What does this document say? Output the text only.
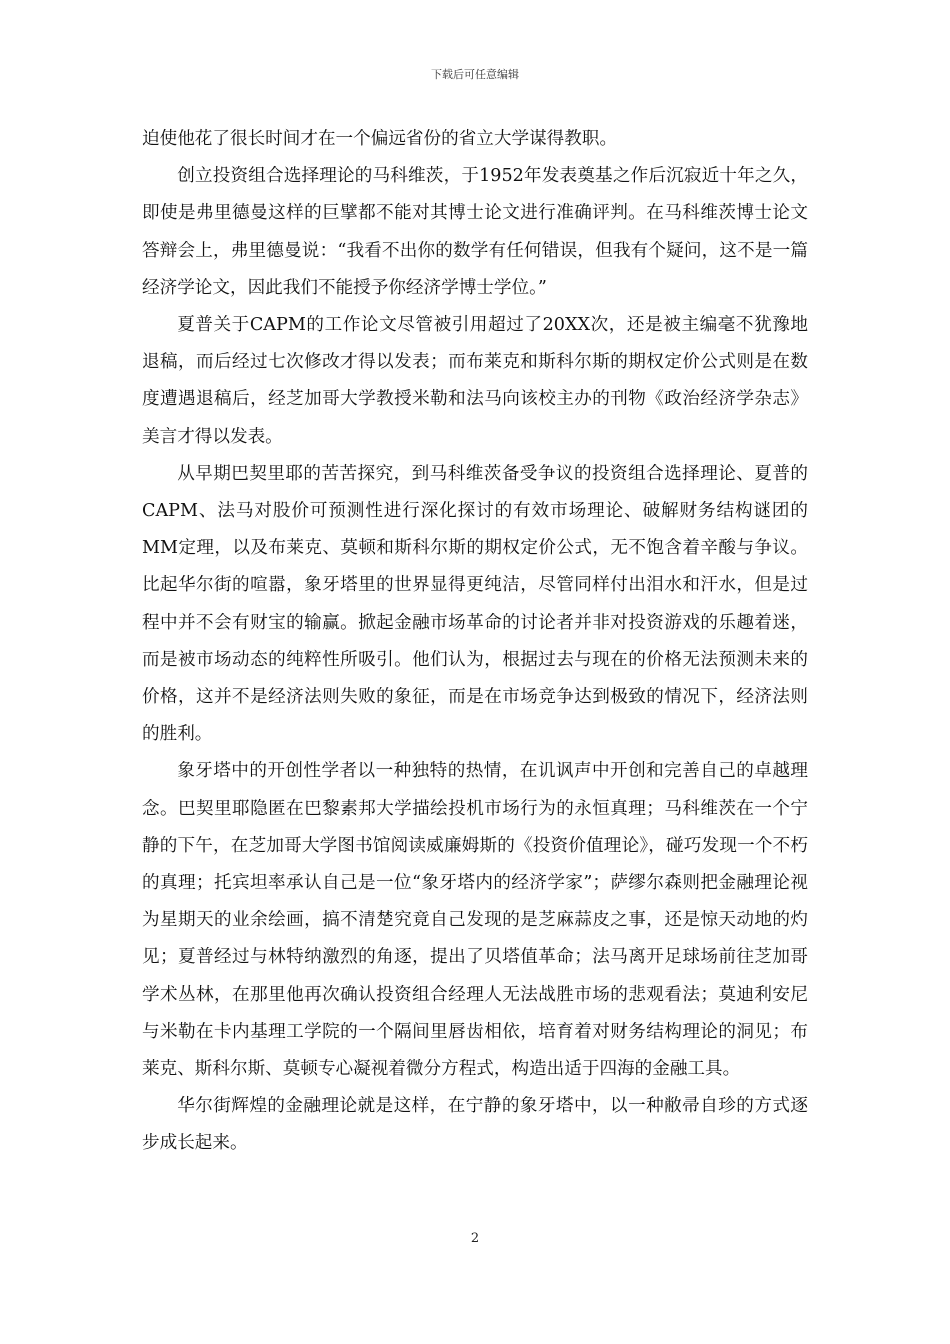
下载后可任意编辑

迫使他花了很长时间才在一个偏远省份的省立大学谋得教职。

创立投资组合选择理论的马科维茨，于1952年发表奠基之作后沉寂近十年之久，即使是弗里德曼这样的巨擘都不能对其博士论文进行准确评判。在马科维茨博士论文答辩会上，弗里德曼说：“我看不出你的数学有任何错误，但我有个疑问，这不是一篇经济学论文，因此我们不能授予你经济学博士学位。”

夏普关于CAPM的工作论文尽管被引用超过了20XX次，还是被主编毫不犹豫地退稿，而后经过七次修改才得以发表；而布莱克和斯科尔斯的期权定价公式则是在数度遭遇退稿后，经芝加哥大学教授米勒和法马向该校主办的刊物《政治经济学杂志》美言才得以发表。

从早期巴契里耶的苦苦探究，到马科维茨备受争议的投资组合选择理论、夏普的CAPM、法马对股价可预测性进行深化探讨的有效市场理论、破解财务结构谜团的MM定理，以及布莱克、莫顿和斯科尔斯的期权定价公式，无不饱含着辛酸与争议。比起华尔街的喧嚣，象牙塔里的世界显得更纯洁，尽管同样付出泪水和汗水，但是过程中并不会有财宝的输赢。掀起金融市场革命的讨论者并非对投资游戏的乐趣着迷，而是被市场动态的纯粹性所吸引。他们认为，根据过去与现在的价格无法预测未来的价格，这并不是经济法则失败的象征，而是在市场竞争达到极致的情况下，经济法则的胜利。

象牙塔中的开创性学者以一种独特的热情，在讥讽声中开创和完善自己的卓越理念。巴契里耶隐匿在巴黎素邦大学描绘投机市场行为的永恒真理；马科维茨在一个宁静的下午，在芝加哥大学图书馆阅读威廉姆斯的《投资价值理论》，碰巧发现一个不朽的真理；托宾坦率承认自己是一位“象牙塔内的经济学家”；萨缪尔森则把金融理论视为星期天的业余绘画，搞不清楚究竟自己发现的是芝麻蒜皮之事，还是惊天动地的灼见；夏普经过与林特纳激烈的角逐，提出了贝塔值革命；法马离开足球场前往芝加哥学术丛林，在那里他再次确认投资组合经理人无法战胜市场的悲观看法；莫迪利安尼与米勒在卡内基理工学院的一个隔间里唇齿相依，培育着对财务结构理论的洞见；布莱克、斯科尔斯、莫顿专心凝视着微分方程式，构造出适于四海的金融工具。

华尔街辉煌的金融理论就是这样，在宁静的象牙塔中，以一种敝帚自珍的方式逐步成长起来。

2
